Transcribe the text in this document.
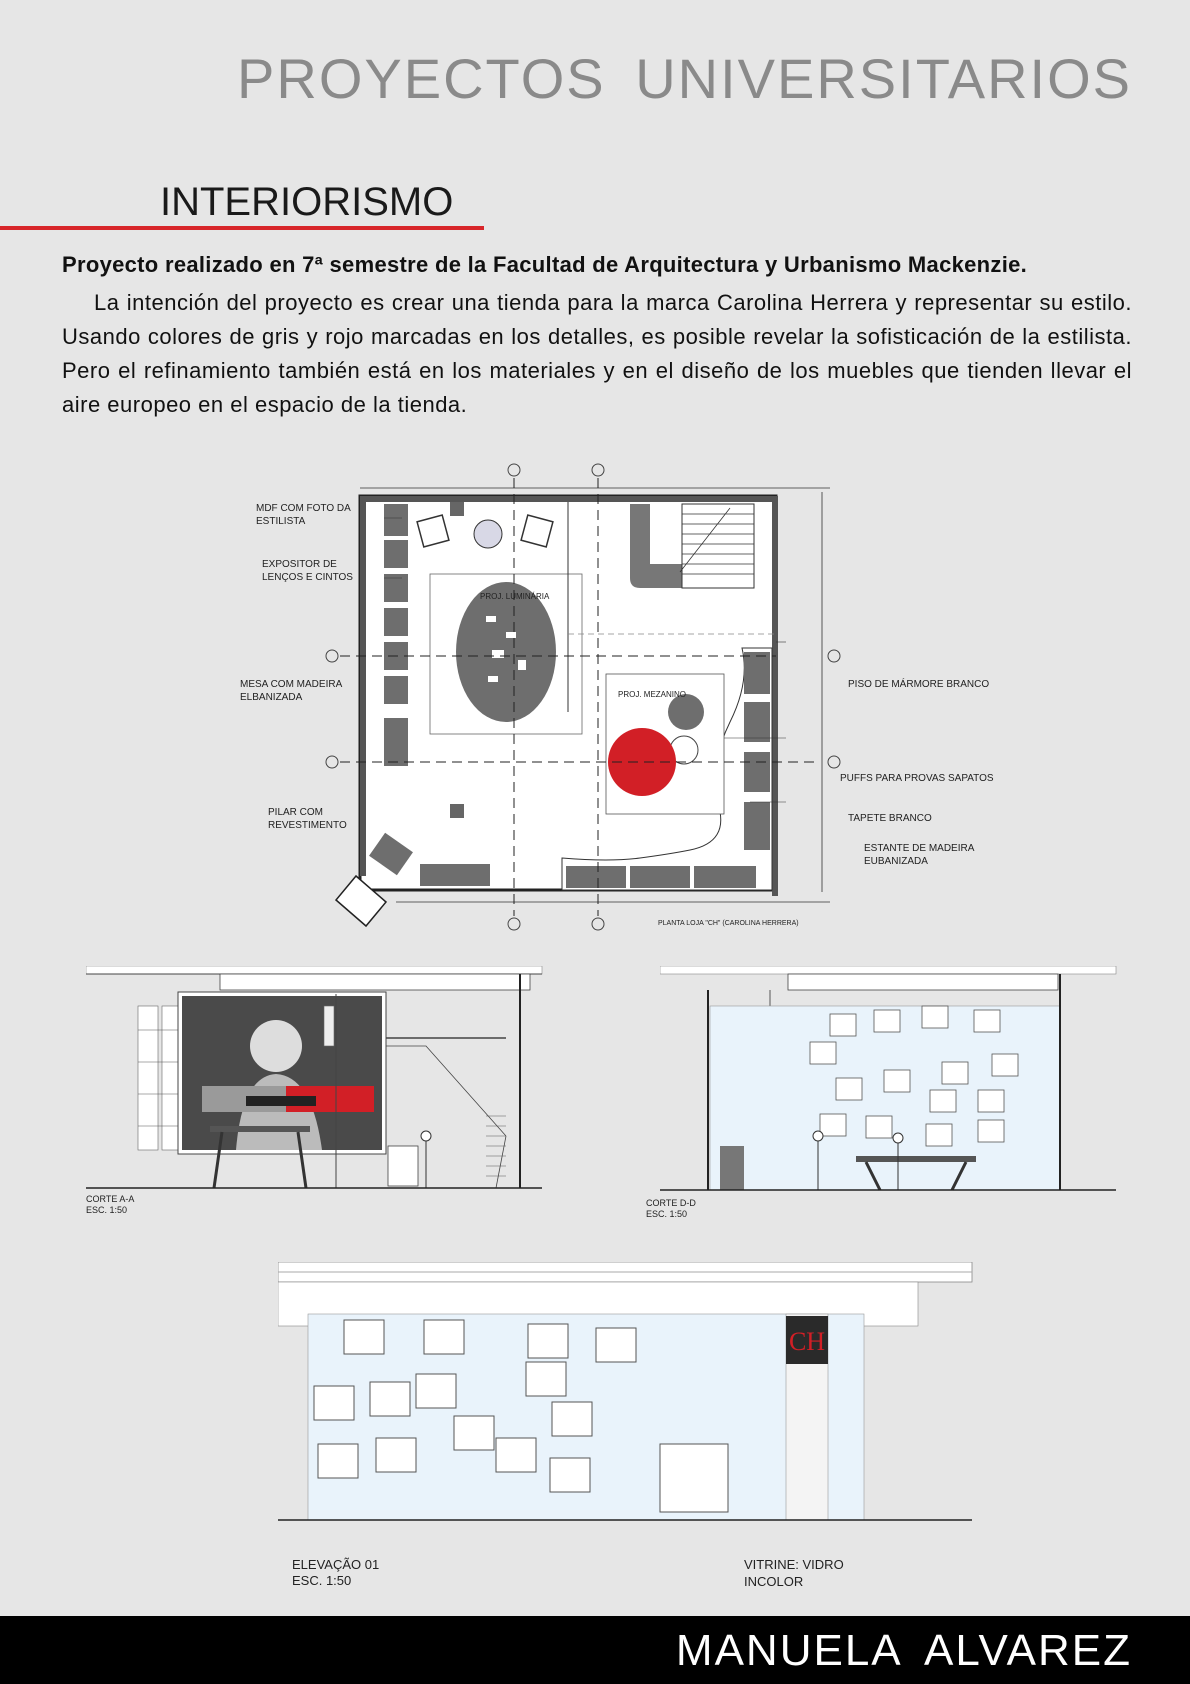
PROYECTOS UNIVERSITARIOS
INTERIORISMO
Proyecto realizado en 7ª semestre de la Facultad de Arquitectura y Urbanismo Mackenzie.

La intención del proyecto es crear una tienda para la marca Carolina Herrera y representar su estilo. Usando colores de gris y rojo marcadas en los detalles, es posible revelar la sofisticación de la estilista. Pero el refinamiento también está en los materiales y en el diseño de los muebles que tienden llevar el aire europeo en el espacio de la tienda.

MDF COM FOTO DA ESTILISTA
EXPOSITOR DE LENÇOS E CINTOS
MESA COM MADEIRA ELBANIZADA
PILAR COM REVESTIMENTO
PROJ. LUMINÁRIA
PROJ. MEZANINO
PISO DE MÁRMORE BRANCO
PUFFS PARA PROVAS SAPATOS
TAPETE BRANCO
ESTANTE DE MADEIRA EUBANIZADA
PLANTA LOJA "CH" (CAROLINA HERRERA)
CORTE A-A
ESC. 1:50
CORTE D-D
ESC. 1:50
CH
ELEVAÇÃO 01
ESC. 1:50
VITRINE: VIDRO INCOLOR
MANUELA ALVAREZ
